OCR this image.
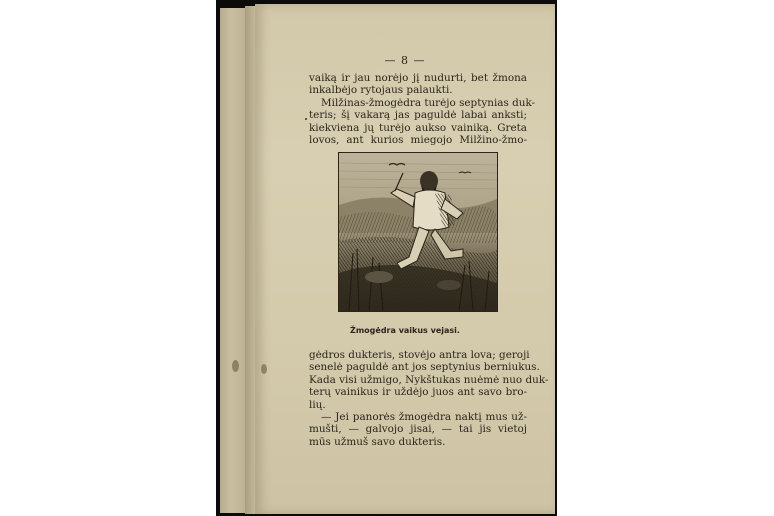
— 8 —
vaiką ir jau norėjo jį nudurti, bet žmona
inkalbėjo rytojaus palaukti.
Milžinas-žmogėdra turėjo septynias duk-
teris; šį vakarą jas paguldė labai anksti;
kiekviena jų turėjo aukso vainiką. Greta
lovos, ant kurios miegojo Milžino-žmo-
Žmogėdra vaikus vejasi.
gėdros dukteris, stovėjo antra lova; geroji
senelė paguldė ant jos septynius berniukus.
Kada visi užmigo, Nykštukas nuėmė nuo duk-
terų vainikus ir uždėjo juos ant savo bro-
lių.
— Jei panorės žmogėdra naktį mus už-
mušti, — galvojo jisai, — tai jis vietoj
mūs užmuš savo dukteris.
